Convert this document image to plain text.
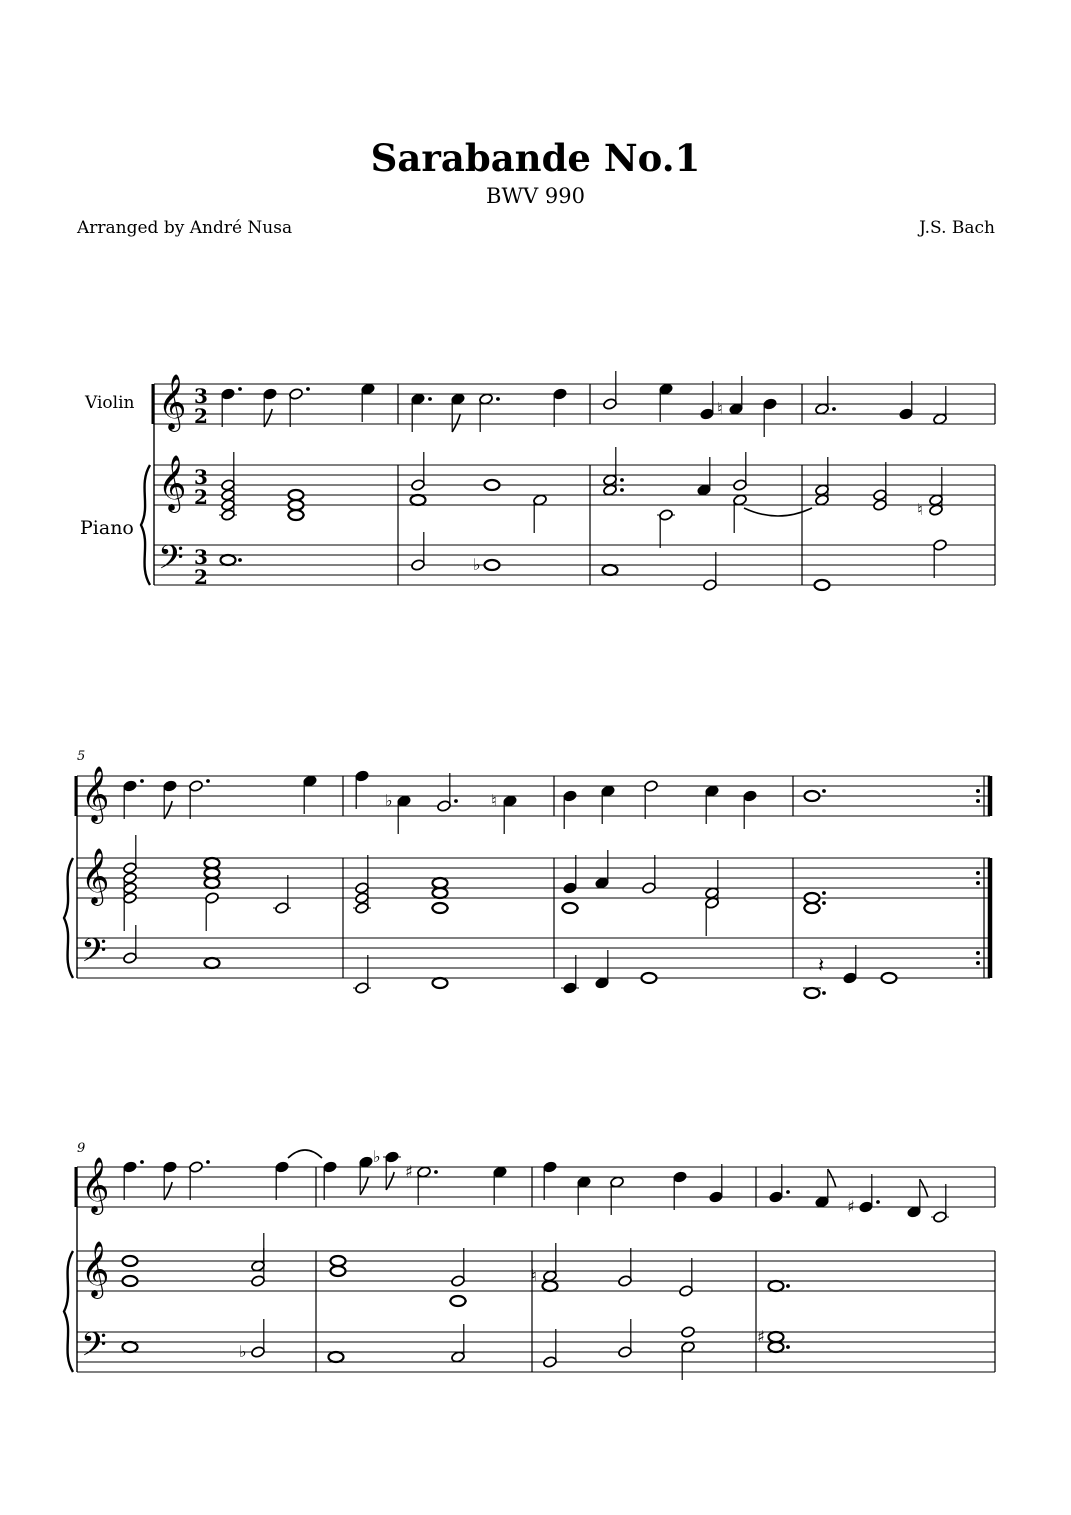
Sarabande No.1
BWV 990
Arranged by André Nusa	J.S. Bach
Violin
Piano
5
9
𝄞
𝄞
𝄢
3
2
3
2
3
2
𝄞
𝄞
𝄢
𝄞
𝄞
𝄢
♮
♮
♭
♭	♮
𝄽
♭
♯
♯
♮
♭
♯
